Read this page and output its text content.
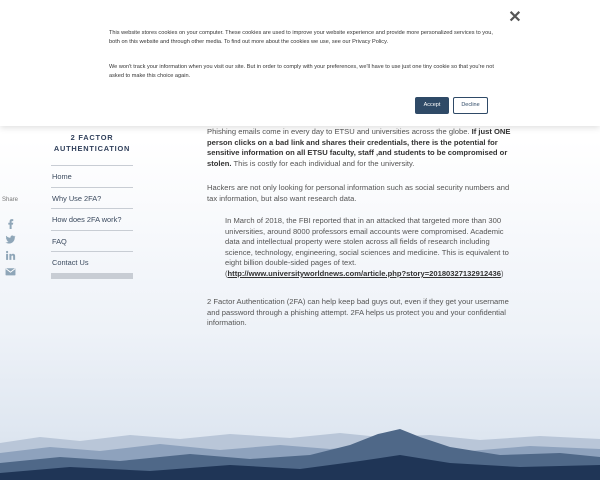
✕

This website stores cookies on your computer. These cookies are used to improve your website experience and provide more personalized services to you, both on this website and through other media. To find out more about the cookies we use, see our Privacy Policy.

We won't track your information when you visit our site. But in order to comply with your preferences, we'll have to use just one tiny cookie so that you're not asked to make this choice again.

Accept	Decline
Share
2 FACTOR
AUTHENTICATION
Home
Why Use 2FA?
How does 2FA work?
FAQ
Contact Us

Phishing emails come in every day to ETSU and universities across the globe. If just ONE person clicks on a bad link and shares their credentials, there is the potential for sensitive information on all ETSU faculty, staff ,and students to be compromised or stolen. This is costly for each individual and for the university.

Hackers are not only looking for personal information such as social security numbers and tax information, but also want research data.

In March of 2018, the FBI reported that in an attacked that targeted more than 300 universities, around 8000 professors email accounts were compromised. Academic data and intellectual property were stolen across all fields of research including science, technology, engineering, social sciences and medicine. This is equivalent to eight billion double-sided pages of text. (http://www.universityworldnews.com/article.php?story=20180327132912436)

2 Factor Authentication (2FA) can help keep bad guys out, even if they get your username and password through a phishing attempt. 2FA helps us protect you and your confidential information.
